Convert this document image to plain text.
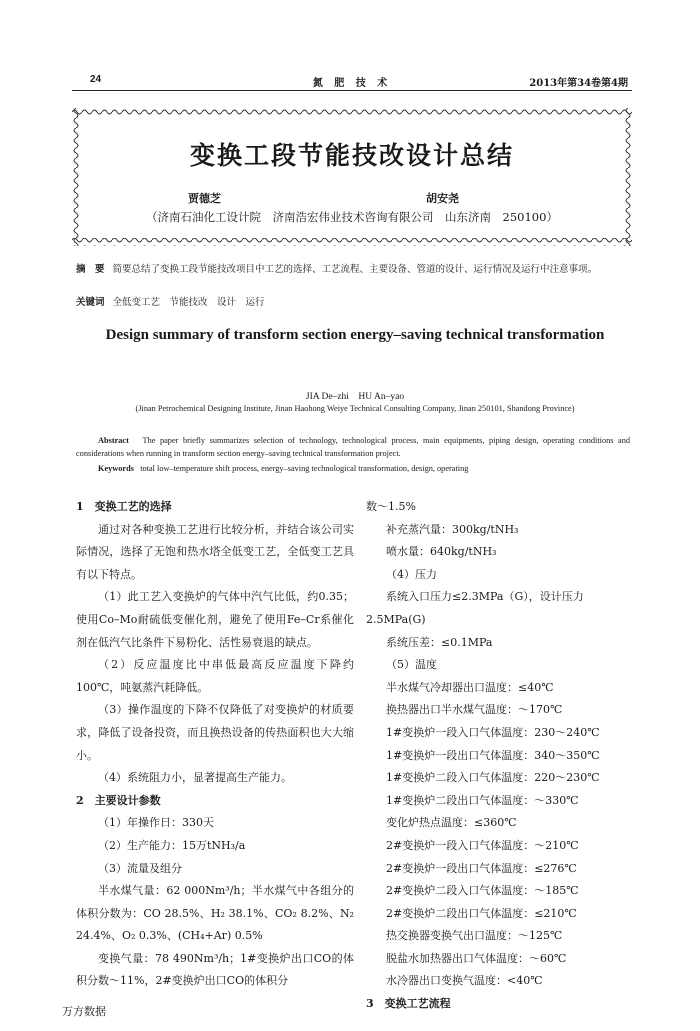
24	氮 肥 技 术	2013年第34卷第4期
变换工段节能技改设计总结
贾德芝	胡安尧
（济南石油化工设计院　济南浩宏伟业技术咨询有限公司　山东济南　250100）
摘　要 简要总结了变换工段节能技改项目中工艺的选择、工艺流程、主要设备、管道的设计、运行情况及运行中注意事项。
关键词 全低变工艺　节能技改　设计　运行
Design summary of transform section energy–saving technical transformation
JIA De–zhi　HU An–yao
(Jinan Petrochemical Designing Institute, Jinan Haohong Weiye Technical Consulting Company, Jinan 250101, Shandong Province)
Abstract The paper briefly summarizes selection of technology, technological process, main equipments, piping design, operating conditions and considerations when running in transform section energy–saving technical transformation project.
Keywords total low–temperature shift process, energy–saving technological transformation, design, operating
1　变换工艺的选择

通过对各种变换工艺进行比较分析，并结合该公司实际情况，选择了无饱和热水塔全低变工艺，全低变工艺具有以下特点。

（1）此工艺入变换炉的气体中汽气比低，约0.35；使用Co–Mo耐硫低变催化剂，避免了使用Fe–Cr系催化剂在低汽气比条件下易粉化、活性易衰退的缺点。

（2）反应温度比中串低最高反应温度下降约100℃，吨氨蒸汽耗降低。

（3）操作温度的下降不仅降低了对变换炉的材质要求，降低了设备投资，而且换热设备的传热面积也大大缩小。

（4）系统阻力小，显著提高生产能力。

2　主要设计参数

（1）年操作日：330天

（2）生产能力：15万tNH₃/a

（3）流量及组分

半水煤气量：62 000Nm³/h；半水煤气中各组分的体积分数为：CO 28.5%、H₂ 38.1%、CO₂ 8.2%、N₂ 24.4%、O₂ 0.3%、(CH₄+Ar) 0.5%

变换气量：78 490Nm³/h；1#变换炉出口CO的体积分数～11%，2#变换炉出口CO的体积分

数～1.5%

补充蒸汽量：300kg/tNH₃

喷水量：640kg/tNH₃

（4）压力

系统入口压力≤2.3MPa（G），设计压力

2.5MPa(G)

系统压差：≤0.1MPa

（5）温度

半水煤气冷却器出口温度：≤40℃

换热器出口半水煤气温度：～170℃

1#变换炉一段入口气体温度：230～240℃

1#变换炉一段出口气体温度：340～350℃

1#变换炉二段入口气体温度：220～230℃

1#变换炉二段出口气体温度：～330℃

变化炉热点温度：≤360℃

2#变换炉一段入口气体温度：～210℃

2#变换炉一段出口气体温度：≤276℃

2#变换炉二段入口气体温度：～185℃

2#变换炉二段出口气体温度：≤210℃

热交换器变换气出口温度：～125℃

脱盐水加热器出口气体温度：～60℃

水冷器出口变换气温度：<40℃

3　变换工艺流程
万方数据
